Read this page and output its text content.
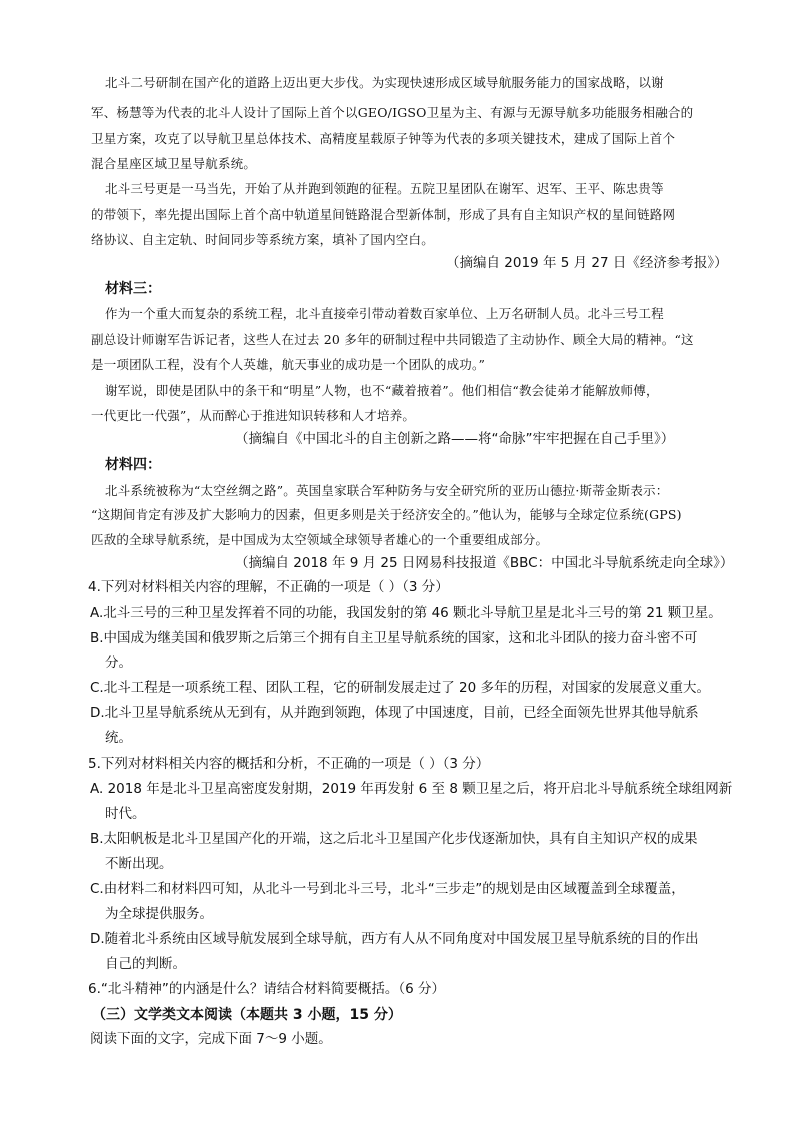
北斗二号研制在国产化的道路上迈出更大步伐。为实现快速形成区域导航服务能力的国家战略，以谢
军、杨慧等为代表的北斗人设计了国际上首个以GEO/IGSO卫星为主、有源与无源导航多功能服务相融合的
卫星方案，攻克了以导航卫星总体技术、高精度星载原子钟等为代表的多项关键技术，建成了国际上首个
混合星座区域卫星导航系统。
北斗三号更是一马当先，开始了从并跑到领跑的征程。五院卫星团队在谢军、迟军、王平、陈忠贵等
的带领下，率先提出国际上首个高中轨道星间链路混合型新体制，形成了具有自主知识产权的星间链路网
络协议、自主定轨、时间同步等系统方案，填补了国内空白。
（摘编自 2019 年 5 月 27 日《经济参考报》）
材料三：
作为一个重大而复杂的系统工程，北斗直接牵引带动着数百家单位、上万名研制人员。北斗三号工程
副总设计师谢军告诉记者，这些人在过去 20 多年的研制过程中共同锻造了主动协作、顾全大局的精神。“这
是一项团队工程，没有个人英雄，航天事业的成功是一个团队的成功。”
谢军说，即使是团队中的条干和“明星”人物，也不“藏着掖着”。他们相信“教会徒弟才能解放师傅，
一代更比一代强”，从而醉心于推进知识转移和人才培养。
（摘编自《中国北斗的自主创新之路——将“命脉”牢牢把握在自己手里》）
材料四：
北斗系统被称为“太空丝绸之路”。英国皇家联合军种防务与安全研究所的亚历山德拉·斯蒂金斯表示：
“这期间肯定有涉及扩大影响力的因素，但更多则是关于经济安全的。”他认为，能够与全球定位系统(GPS)
匹敌的全球导航系统，是中国成为太空领域全球领导者雄心的一个重要组成部分。
（摘编自 2018 年 9 月 25 日网易科技报道《BBC：中国北斗导航系统走向全球》）
4.下列对材料相关内容的理解，不正确的一项是（ ）（3 分）
A.北斗三号的三种卫星发挥着不同的功能，我国发射的第 46 颗北斗导航卫星是北斗三号的第 21 颗卫星。
B.中国成为继美国和俄罗斯之后第三个拥有自主卫星导航系统的国家，这和北斗团队的接力奋斗密不可
分。
C.北斗工程是一项系统工程、团队工程，它的研制发展走过了 20 多年的历程，对国家的发展意义重大。
D.北斗卫星导航系统从无到有，从并跑到领跑，体现了中国速度，目前，已经全面领先世界其他导航系
统。
5.下列对材料相关内容的概括和分析，不正确的一项是（ ）（3 分）
A. 2018 年是北斗卫星高密度发射期，2019 年再发射 6 至 8 颗卫星之后，将开启北斗导航系统全球组网新
时代。
B.太阳帆板是北斗卫星国产化的开端，这之后北斗卫星国产化步伐逐渐加快，具有自主知识产权的成果
不断出现。
C.由材料二和材料四可知，从北斗一号到北斗三号，北斗“三步走”的规划是由区域覆盖到全球覆盖，
为全球提供服务。
D.随着北斗系统由区域导航发展到全球导航，西方有人从不同角度对中国发展卫星导航系统的目的作出
自己的判断。
6.“北斗精神”的内涵是什么？请结合材料简要概括。（6 分）
（三）文学类文本阅读（本题共 3 小题，15 分）
阅读下面的文字，完成下面 7～9 小题。
